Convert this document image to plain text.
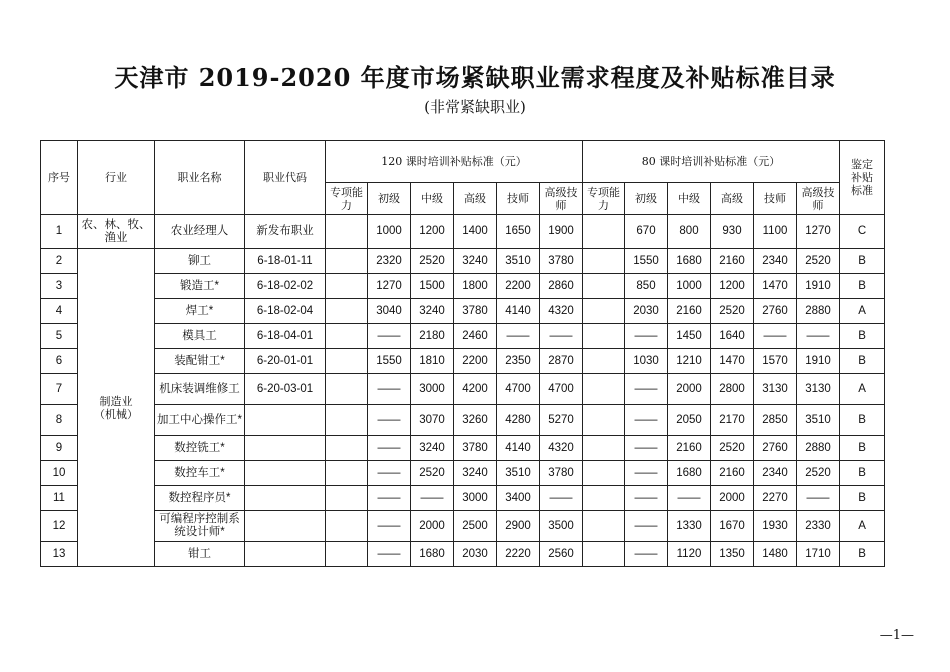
天津市 2019-2020 年度市场紧缺职业需求程度及补贴标准目录
(非常紧缺职业)
序号	行业	职业名称	职业代码	120 课时培训补贴标准（元）						80 课时培训补贴标准（元）						鉴定补贴标准
				专项能力	初级	中级	高级	技师	高级技师	专项能力	初级	中级	高级	技师	高级技师	
1	农、林、牧、渔业	农业经理人	新发布职业		1000	1200	1400	1650	1900		670	800	930	1100	1270	C
2	制造业（机械）	铆工	6-18-01-11		2320	2520	3240	3510	3780		1550	1680	2160	2340	2520	B
3		锻造工*	6-18-02-02		1270	1500	1800	2200	2860		850	1000	1200	1470	1910	B
4		焊工*	6-18-02-04		3040	3240	3780	4140	4320		2030	2160	2520	2760	2880	A
5		模具工	6-18-04-01		——	2180	2460	——	——		——	1450	1640	——	——	B
6		装配钳工*	6-20-01-01		1550	1810	2200	2350	2870		1030	1210	1470	1570	1910	B
7		机床装调维修工	6-20-03-01		——	3000	4200	4700	4700		——	2000	2800	3130	3130	A
8		加工中心操作工*			——	3070	3260	4280	5270		——	2050	2170	2850	3510	B
9		数控铣工*			——	3240	3780	4140	4320		——	2160	2520	2760	2880	B
10		数控车工*			——	2520	3240	3510	3780		——	1680	2160	2340	2520	B
11		数控程序员*			——	——	3000	3400	——		——	——	2000	2270	——	B
12		可编程序控制系统设计师*			——	2000	2500	2900	3500		——	1330	1670	1930	2330	A
13		钳工			——	1680	2030	2220	2560		——	1120	1350	1480	1710	B
—1—
